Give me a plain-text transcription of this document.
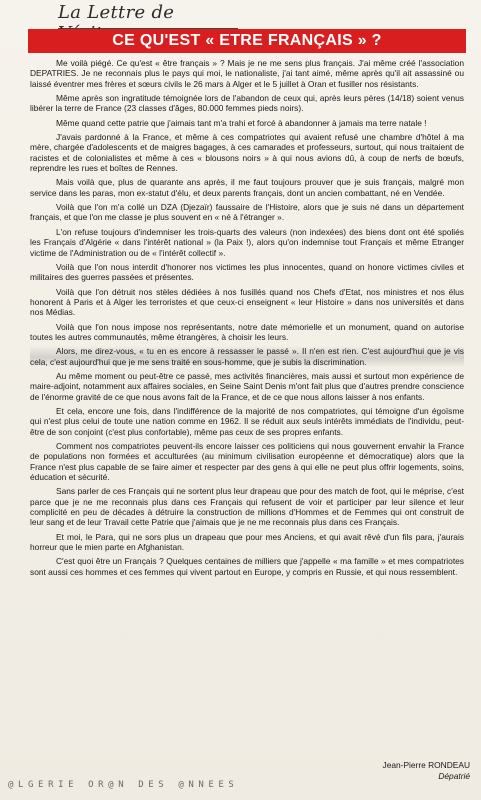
La Lettre de
CE QU'EST « ETRE FRANÇAIS » ?

Me voilà piégé. Ce qu'est « être français » ? Mais je ne me sens plus français. J'ai même créé l'association DEPATRIES. Je ne reconnais plus le pays qui moi, le nationaliste, j'ai tant aimé, même après qu'il ait assassiné ou laissé éventrer mes frères et sœurs civils le 26 mars à Alger et le 5 juillet à Oran et fusiller nos résistants.

Même après son ingratitude témoignée lors de l'abandon de ceux qui, après leurs pères (14/18) soient venus libérer la terre de France (23 classes d'âges, 80.000 femmes pieds noirs).

Même quand cette patrie que j'aimais tant m'a trahi et forcé à abandonner à jamais ma terre natale !

J'avais pardonné à la France, et même à ces compatriotes qui avaient refusé une chambre d'hôtel à ma mère, chargée d'adolescents et de maigres bagages, à ces camarades et professeurs, surtout, qui nous traitaient de racistes et de colonialistes et même à ces « blousons noirs » à qui nous avions dû, à coup de nerfs de bœufs, reprendre les rues et boîtes de Rennes.

Mais voilà que, plus de quarante ans après, il me faut toujours prouver que je suis français, malgré mon service dans les paras, mon ex-statut d'élu, et deux parents français, dont un ancien combattant, né en Vendée.

Voilà que l'on m'a collé un DZA (Djezaïr) faussaire de l'Histoire, alors que je suis né dans un département français, et que l'on me classe je plus souvent en « né à l'étranger ».

L'on refuse toujours d'indemniser les trois-quarts des valeurs (non indexées) des biens dont ont été spoliés les Français d'Algérie « dans l'intérêt national » (la Paix !), alors qu'on indemnise tout Français et même Etranger victime de l'Administration ou de « l'intérêt collectif ».

Voilà que l'on nous interdit d'honorer nos victimes les plus innocentes, quand on honore victimes civiles et militaires des guerres passées et présentes.

Voilà que l'on détruit nos stèles dédiées à nos fusillés quand nos Chefs d'Etat, nos ministres et nos élus honorent à Paris et à Alger les terroristes et que ceux-ci enseignent « leur Histoire » dans nos universités et dans nos Médias.

Voilà que l'on nous impose nos représentants, notre date mémorielle et un monument, quand on autorise toutes les autres communautés, même étrangères, à choisir les leurs.

Alors, me direz-vous, « tu en es encore à ressasser le passé ». Il n'en est rien. C'est aujourd'hui que je vis cela, c'est aujourd'hui que je me sens traité en sous-homme, que je subis la discrimination.

Au même moment ou peut-être ce passé, mes activités financières, mais aussi et surtout mon expérience de maire-adjoint, notamment aux affaires sociales, en Seine Saint Denis m'ont fait plus que d'autres prendre conscience de l'énorme gravité de ce que nous avons fait de la France, et de ce que nous allons laisser à nos enfants.

Et cela, encore une fois, dans l'indifférence de la majorité de nos compatriotes, qui témoigne d'un égoïsme qui n'est plus celui de toute une nation comme en 1962. Il se réduit aux seuls intérêts immédiats de l'individu, peut-être de son conjoint (c'est plus confortable), même pas ceux de ses propres enfants.

Comment nos compatriotes peuvent-ils encore laisser ces politiciens qui nous gouvernent envahir la France de populations non formées et acculturées (au minimum civilisation européenne et démocratique) alors que la France n'est plus capable de se faire aimer et respecter par des gens à qui elle ne peut plus offrir logements, soins, éducation et sécurité.

Sans parler de ces Français qui ne sortent plus leur drapeau que pour des match de foot, qui le méprise, c'est parce que je ne me reconnais plus dans ces Français qui refusent de voir et participer par leur silence et leur complicité en peu de décades à détruire la construction de millions d'Hommes et de Femmes qui ont construit de leur sang et de leur Travail cette Patrie que j'aimais que je ne me reconnais plus dans ces Français.

Et moi, le Para, qui ne sors plus un drapeau que pour mes Anciens, et qui avait rêvé d'un fils para, j'aurais horreur que le mien parte en Afghanistan.

C'est quoi être un Français ? Quelques centaines de milliers que j'appelle « ma famille » et mes compatriotes sont aussi ces hommes et ces femmes qui vivent partout en Europe, y compris en Russie, et qui nous ressemblent.

Jean-Pierre RONDEAU
Dépatrié
@LGERIE OR@N DES @NNEES
